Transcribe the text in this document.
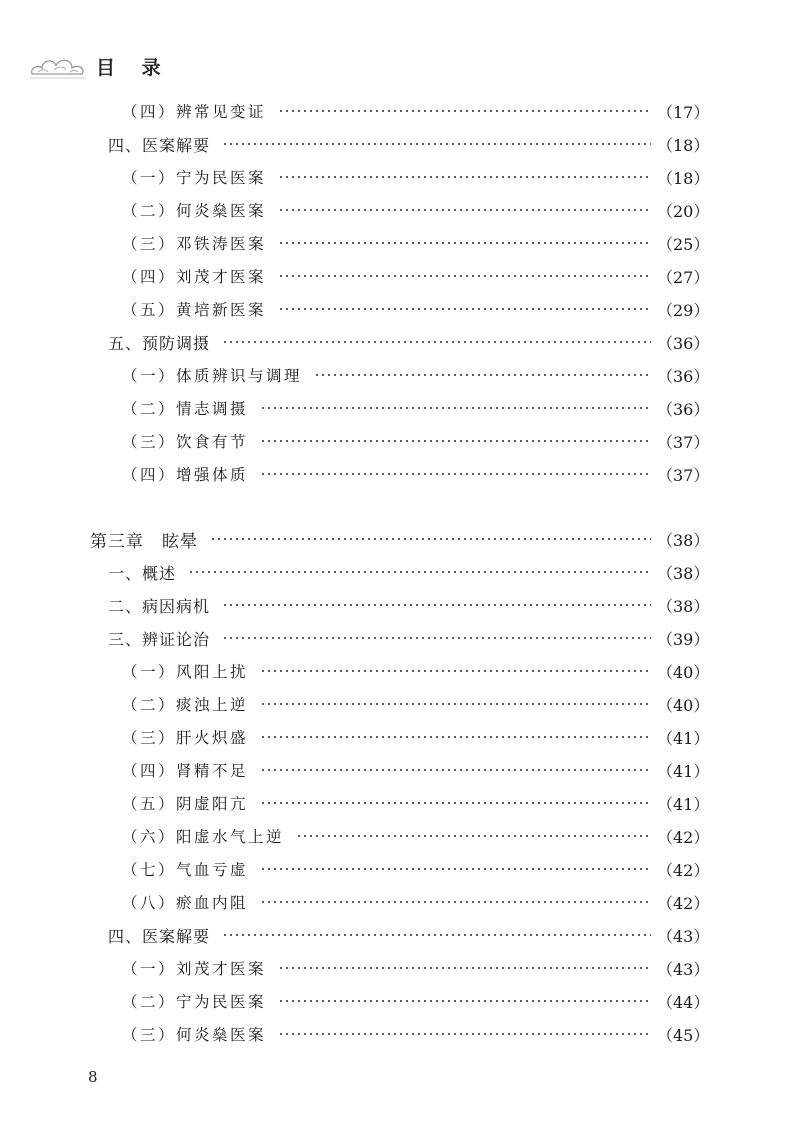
目 录
（四）辨常见变证	（17）
四、医案解要	（18）
（一）宁为民医案	（18）
（二）何炎燊医案	（20）
（三）邓铁涛医案	（25）
（四）刘茂才医案	（27）
（五）黄培新医案	（29）
五、预防调摄	（36）
（一）体质辨识与调理	（36）
（二）情志调摄	（36）
（三）饮食有节	（37）
（四）增强体质	（37）
第三章　眩晕	（38）
一、概述	（38）
二、病因病机	（38）
三、辨证论治	（39）
（一）风阳上扰	（40）
（二）痰浊上逆	（40）
（三）肝火炽盛	（41）
（四）肾精不足	（41）
（五）阴虚阳亢	（41）
（六）阳虚水气上逆	（42）
（七）气血亏虚	（42）
（八）瘀血内阻	（42）
四、医案解要	（43）
（一）刘茂才医案	（43）
（二）宁为民医案	（44）
（三）何炎燊医案	（45）
8
